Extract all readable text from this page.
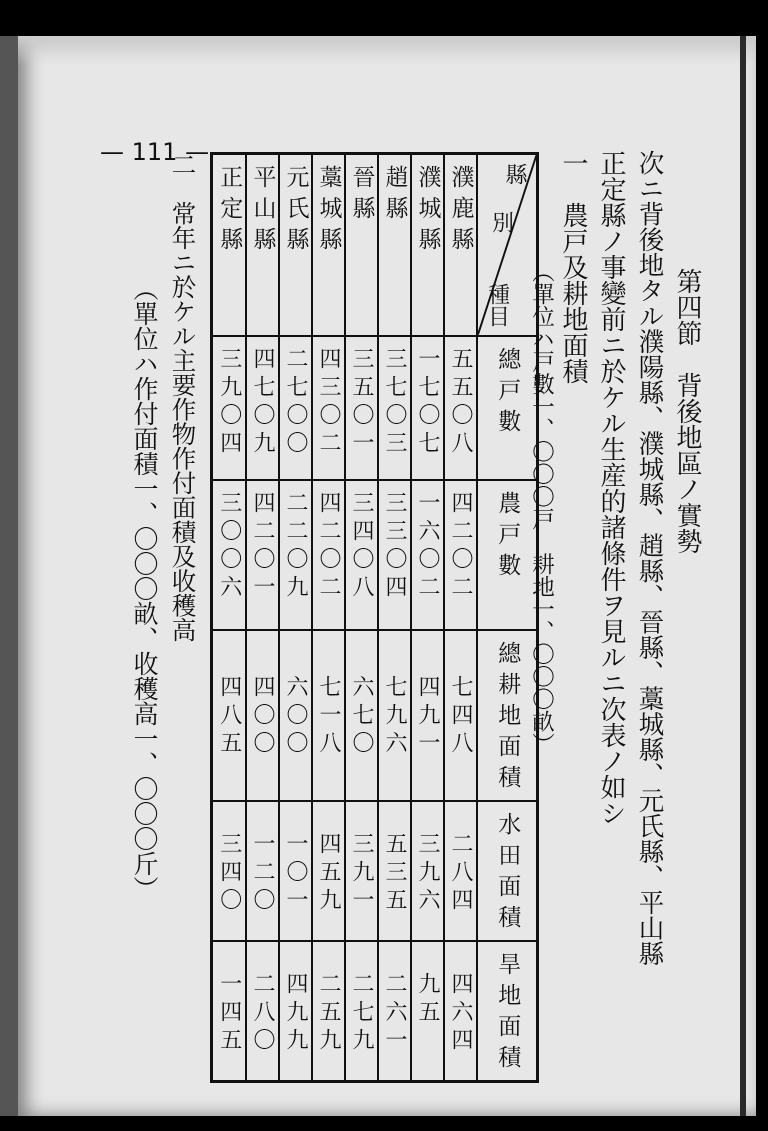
— 111 —
第四節　背後地區ノ實勢
次ニ背後地タル濮陽縣、濮城縣、趙縣、晉縣、藁城縣、元氏縣、平山縣
正定縣ノ事變前ニ於ケル生産的諸條件ヲ見ルニ次表ノ如シ
一　農戸及耕地面積
（單位ハ戸數一、〇〇〇戸　耕地一、〇〇〇畝）
二　常年ニ於ケル主要作物作付面積及收穫高
（單位ハ作付面積一、〇〇〇畝、收穫高一、〇〇〇斤）
正定縣	平山縣	元氏縣	藁城縣	晉縣	趙縣	濮城縣	濮鹿縣	縣
別
種目

三九〇四	四七〇九	二七〇〇	四三〇二	三五〇一	三七〇三	一七〇七	五五〇八	總戸數
三〇〇六	四二〇一	二二〇九	四二〇二	三四〇八	三三〇四	一六〇二	四二〇二	農戸數
四八五	四〇〇	六〇〇	七一八	六七〇	七九六	四九一	七四八	總耕地面積
三四〇	一二〇	一〇一	四五九	三九一	五三五	三九六	二八四	水田面積
一四五	二八〇	四九九	二五九	二七九	二六一	九五	四六四	旱地面積
